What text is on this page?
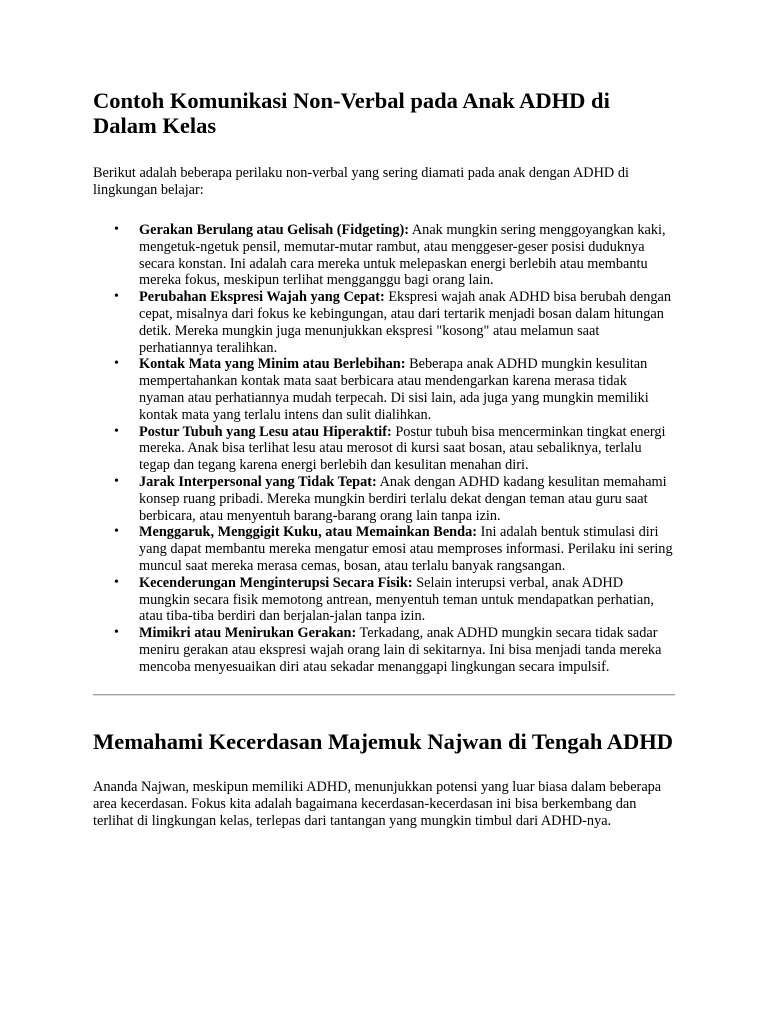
Contoh Komunikasi Non-Verbal pada Anak ADHD di Dalam Kelas

Berikut adalah beberapa perilaku non-verbal yang sering diamati pada anak dengan ADHD di lingkungan belajar:

• Gerakan Berulang atau Gelisah (Fidgeting): Anak mungkin sering menggoyangkan kaki, mengetuk-ngetuk pensil, memutar-mutar rambut, atau menggeser-geser posisi duduknya secara konstan. Ini adalah cara mereka untuk melepaskan energi berlebih atau membantu mereka fokus, meskipun terlihat mengganggu bagi orang lain.
• Perubahan Ekspresi Wajah yang Cepat: Ekspresi wajah anak ADHD bisa berubah dengan cepat, misalnya dari fokus ke kebingungan, atau dari tertarik menjadi bosan dalam hitungan detik. Mereka mungkin juga menunjukkan ekspresi "kosong" atau melamun saat perhatiannya teralihkan.
• Kontak Mata yang Minim atau Berlebihan: Beberapa anak ADHD mungkin kesulitan mempertahankan kontak mata saat berbicara atau mendengarkan karena merasa tidak nyaman atau perhatiannya mudah terpecah. Di sisi lain, ada juga yang mungkin memiliki kontak mata yang terlalu intens dan sulit dialihkan.
• Postur Tubuh yang Lesu atau Hiperaktif: Postur tubuh bisa mencerminkan tingkat energi mereka. Anak bisa terlihat lesu atau merosot di kursi saat bosan, atau sebaliknya, terlalu tegap dan tegang karena energi berlebih dan kesulitan menahan diri.
• Jarak Interpersonal yang Tidak Tepat: Anak dengan ADHD kadang kesulitan memahami konsep ruang pribadi. Mereka mungkin berdiri terlalu dekat dengan teman atau guru saat berbicara, atau menyentuh barang-barang orang lain tanpa izin.
• Menggaruk, Menggigit Kuku, atau Memainkan Benda: Ini adalah bentuk stimulasi diri yang dapat membantu mereka mengatur emosi atau memproses informasi. Perilaku ini sering muncul saat mereka merasa cemas, bosan, atau terlalu banyak rangsangan.
• Kecenderungan Menginterupsi Secara Fisik: Selain interupsi verbal, anak ADHD mungkin secara fisik memotong antrean, menyentuh teman untuk mendapatkan perhatian, atau tiba-tiba berdiri dan berjalan-jalan tanpa izin.
• Mimikri atau Menirukan Gerakan: Terkadang, anak ADHD mungkin secara tidak sadar meniru gerakan atau ekspresi wajah orang lain di sekitarnya. Ini bisa menjadi tanda mereka mencoba menyesuaikan diri atau sekadar menanggapi lingkungan secara impulsif.
Memahami Kecerdasan Majemuk Najwan di Tengah ADHD

Ananda Najwan, meskipun memiliki ADHD, menunjukkan potensi yang luar biasa dalam beberapa area kecerdasan. Fokus kita adalah bagaimana kecerdasan-kecerdasan ini bisa berkembang dan terlihat di lingkungan kelas, terlepas dari tantangan yang mungkin timbul dari ADHD-nya.
